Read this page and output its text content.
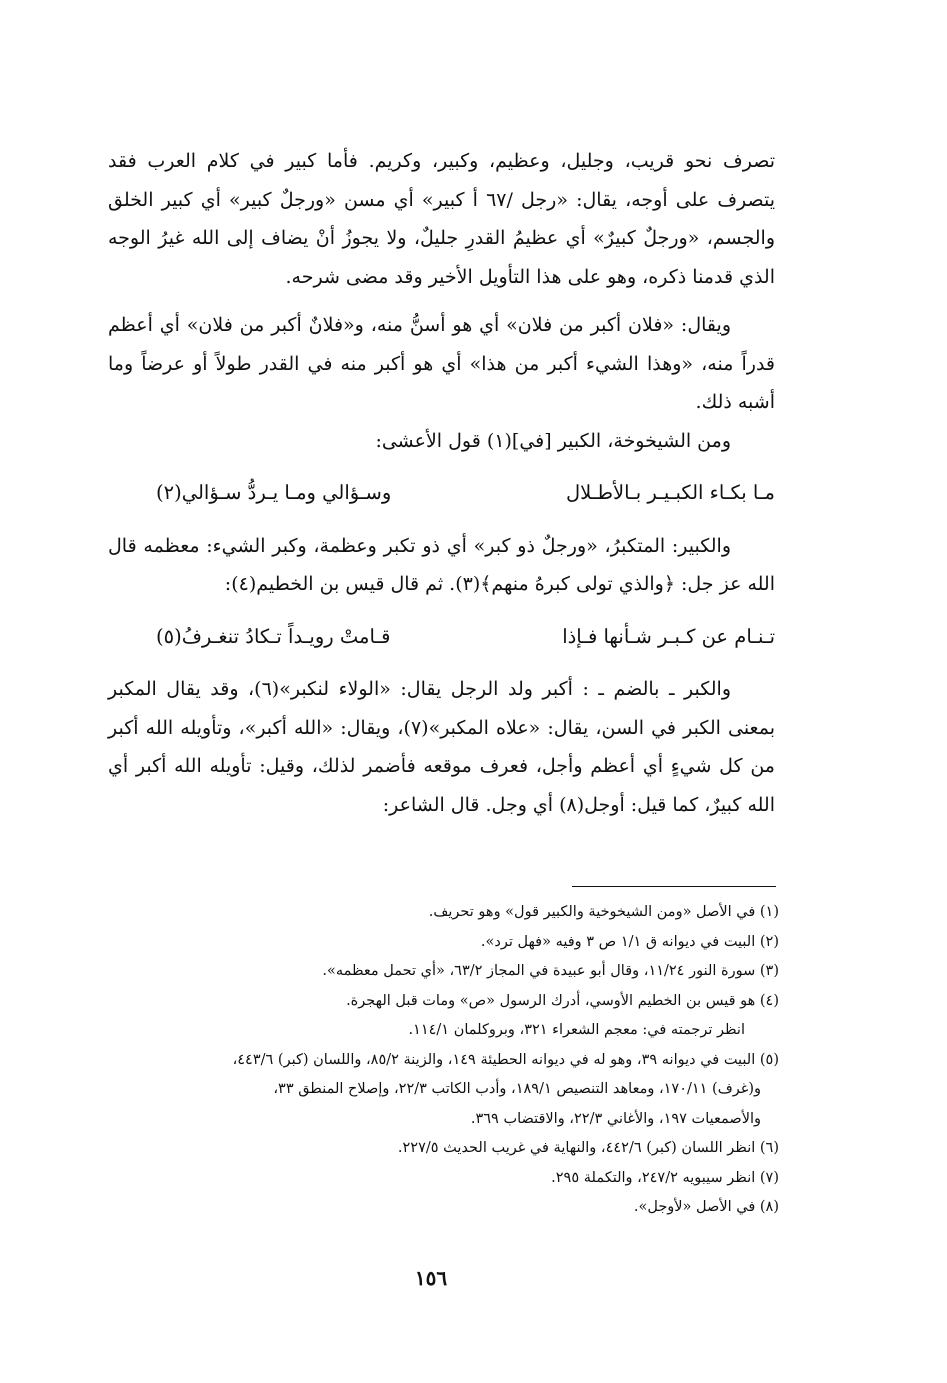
تصرف نحو قريب، وجليل، وعظيم، وكبير، وكريم. فأما كبير في كلام العرب فقد يتصرف على أوجه، يقال: «رجل /٦٧ أ كبير» أي مسن «ورجلٌ كبير» أي كبير الخلق والجسم، «ورجلٌ كبيرٌ» أي عظيمُ القدرِ جليلٌ، ولا يجوزُ أنْ يضاف إلى الله غيرُ الوجه الذي قدمنا ذكره، وهو على هذا التأويل الأخير وقد مضى شرحه.

ويقال: «فلان أكبر من فلان» أي هو أسنُّ منه، و«فلانٌ أكبر من فلان» أي أعظم قدراً منه، «وهذا الشيء أكبر من هذا» أي هو أكبر منه في القدر طولاً أو عرضاً وما أشبه ذلك.

ومن الشيخوخة، الكبير [في](١) قول الأعشى:

مـا بكـاء الكبـيـر بـالأطـلال
وسـؤالي ومـا يـردُّ سـؤالي(٢)

والكبير: المتكبرُ، «ورجلٌ ذو كبر» أي ذو تكبر وعظمة، وكبر الشيء: معظمه قال الله عز جل: ﴿والذي تولى كبرهُ منهم﴾(٣). ثم قال قيس بن الخطيم(٤):

تـنـام عن كـبـر شـأنها فـإذا
قـامتْ رويـداً تـكادُ تنغـرفُ(٥)

والكبر ـ بالضم ـ : أكبر ولد الرجل يقال: «الولاء لنكبر»(٦)، وقد يقال المكبر بمعنى الكبر في السن، يقال: «علاه المكبر»(٧)، ويقال: «الله أكبر»، وتأويله الله أكبر من كل شيءٍ أي أعظم وأجل، فعرف موقعه فأضمر لذلك، وقيل: تأويله الله أكبر أي الله كبيرٌ، كما قيل: أوجل(٨) أي وجل. قال الشاعر:

(١) في الأصل «ومن الشيخوخية والكبير قول» وهو تحريف.

(٢) البيت في ديوانه ق ١/١ ص ٣ وفيه «فهل ترد».

(٣) سورة النور ١١/٢٤، وقال أبو عبيدة في المجاز ٦٣/٢، «أي تحمل معظمه».

(٤) هو قيس بن الخطيم الأوسي، أدرك الرسول «ص» ومات قبل الهجرة.

انظر ترجمته في: معجم الشعراء ٣٢١، وبروكلمان ١١٤/١.

(٥) البيت في ديوانه ٣٩، وهو له في ديوانه الحطيئة ١٤٩، والزينة ٨٥/٢، واللسان (كبر) ٤٤٣/٦،

و(غرف) ١٧٠/١١، ومعاهد التنصيص ١٨٩/١، وأدب الكاتب ٢٢/٣، وإصلاح المنطق ٣٣،

والأصمعيات ١٩٧، والأغاني ٢٢/٣، والاقتضاب ٣٦٩.

(٦) انظر اللسان (كبر) ٤٤٢/٦، والنهاية في غريب الحديث ٢٢٧/٥.

(٧) انظر سيبويه ٢٤٧/٢، والتكملة ٢٩٥.

(٨) في الأصل «لأوجل».

١٥٦
